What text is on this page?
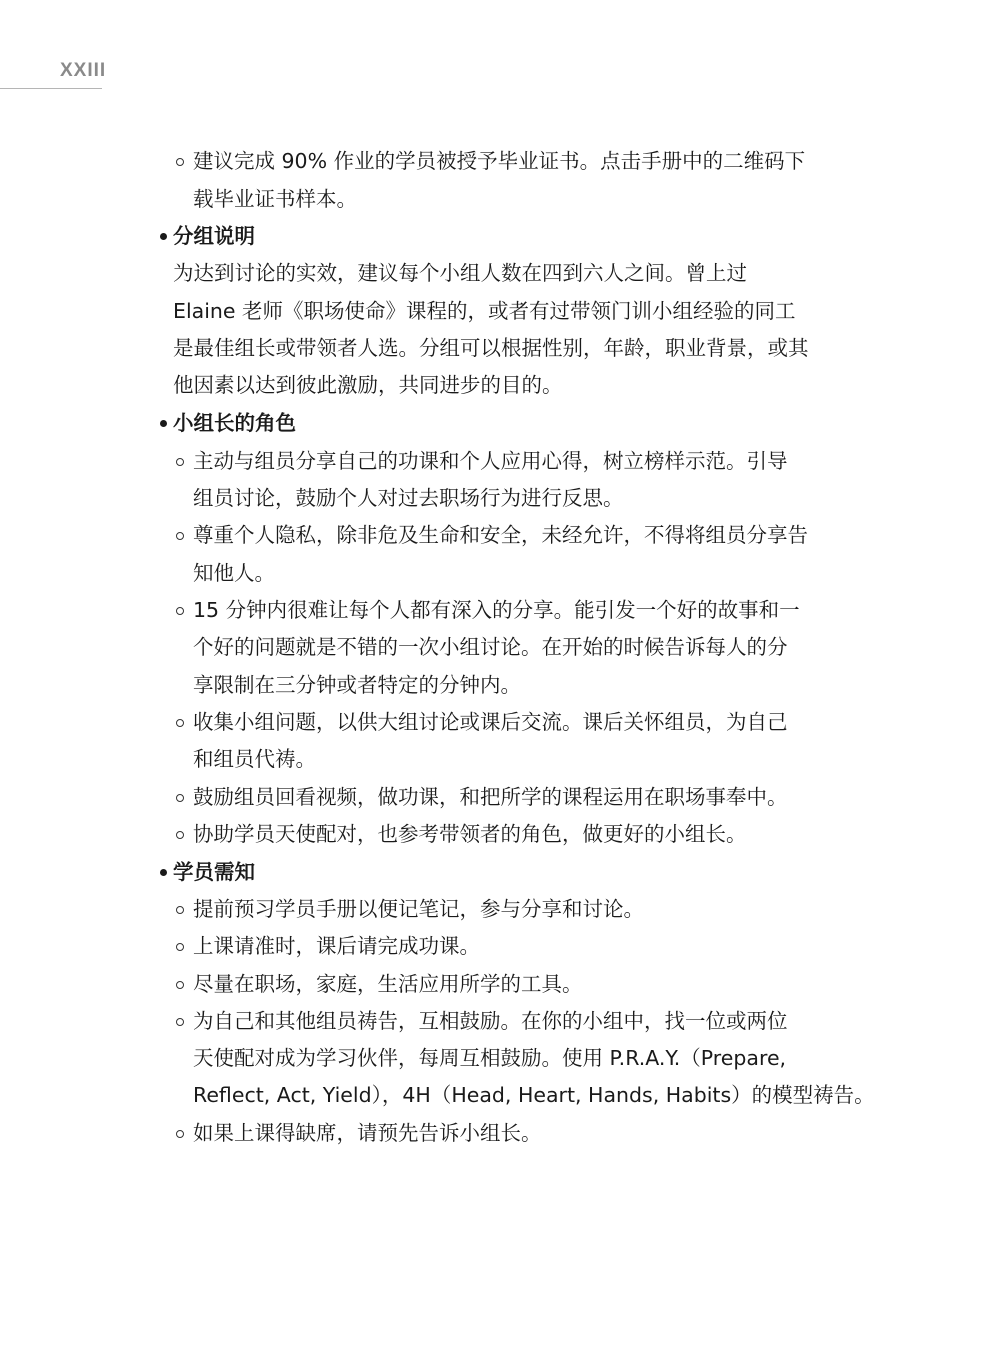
XXIII
建议完成 90% 作业的学员被授予毕业证书。点击手册中的二维码下
载毕业证书样本。
分组说明
为达到讨论的实效，建议每个小组人数在四到六人之间。曾上过
Elaine 老师《职场使命》课程的，或者有过带领门训小组经验的同工
是最佳组长或带领者人选。分组可以根据性别，年龄，职业背景，或其
他因素以达到彼此激励，共同进步的目的。
小组长的角色
主动与组员分享自己的功课和个人应用心得，树立榜样示范。引导
组员讨论，鼓励个人对过去职场行为进行反思。
尊重个人隐私，除非危及生命和安全，未经允许，不得将组员分享告
知他人。
15 分钟内很难让每个人都有深入的分享。能引发一个好的故事和一
个好的问题就是不错的一次小组讨论。在开始的时候告诉每人的分
享限制在三分钟或者特定的分钟内。
收集小组问题，以供大组讨论或课后交流。课后关怀组员，为自己
和组员代祷。
鼓励组员回看视频，做功课，和把所学的课程运用在职场事奉中。
协助学员天使配对，也参考带领者的角色，做更好的小组长。
学员需知
提前预习学员手册以便记笔记，参与分享和讨论。
上课请准时，课后请完成功课。
尽量在职场，家庭，生活应用所学的工具。
为自己和其他组员祷告，互相鼓励。在你的小组中，找一位或两位
天使配对成为学习伙伴，每周互相鼓励。使用 P.R.A.Y.（Prepare,
Reflect, Act, Yield），4H（Head, Heart, Hands, Habits）的模型祷告。
如果上课得缺席，请预先告诉小组长。
